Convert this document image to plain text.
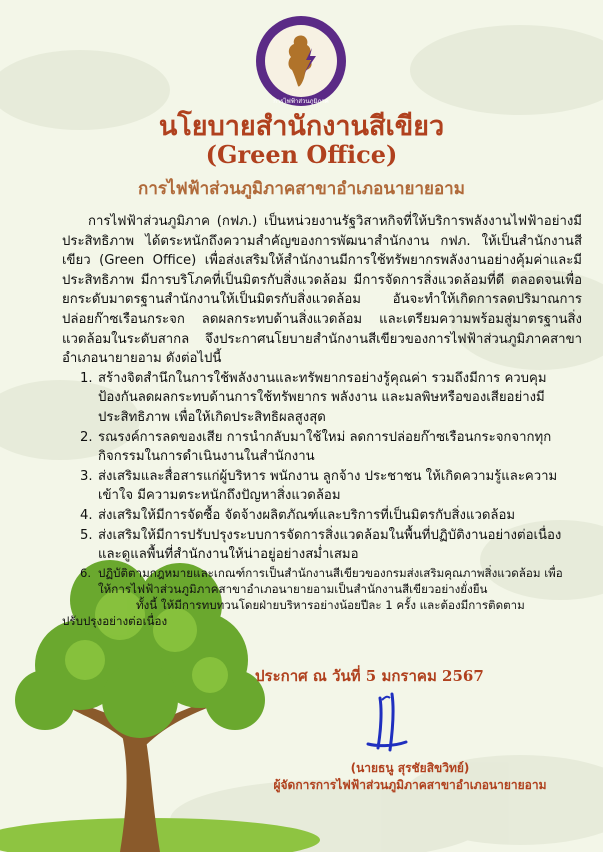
การไฟฟ้าส่วนภูมิภาค
นโยบายสำนักงานสีเขียว
(Green Office)
การไฟฟ้าส่วนภูมิภาคสาขาอำเภอนายายอาม

การไฟฟ้าส่วนภูมิภาค (กฟภ.) เป็นหน่วยงานรัฐวิสาหกิจที่ให้บริการพลังงานไฟฟ้าอย่างมีประสิทธิภาพ ได้ตระหนักถึงความสำคัญของการพัฒนาสำนักงาน กฟภ. ให้เป็นสำนักงานสีเขียว (Green Office) เพื่อส่งเสริมให้สำนักงานมีการใช้ทรัพยากรพลังงานอย่างคุ้มค่าและมีประสิทธิภาพ มีการบริโภคที่เป็นมิตรกับสิ่งแวดล้อม มีการจัดการสิ่งแวดล้อมที่ดี ตลอดจนเพื่อยกระดับมาตรฐานสำนักงานให้เป็นมิตรกับสิ่งแวดล้อม อันจะทำให้เกิดการลดปริมาณการปล่อยก๊าซเรือนกระจก ลดผลกระทบด้านสิ่งแวดล้อม และเตรียมความพร้อมสู่มาตรฐานสิ่งแวดล้อมในระดับสากล จึงประกาศนโยบายสำนักงานสีเขียวของการไฟฟ้าส่วนภูมิภาคสาขาอำเภอนายายอาม ดังต่อไปนี้

1. สร้างจิตสำนึกในการใช้พลังงานและทรัพยากรอย่างรู้คุณค่า รวมถึงมีการ ควบคุมป้องกันลดผลกระทบด้านการใช้ทรัพยากร พลังงาน และมลพิษหรือของเสียอย่างมีประสิทธิภาพ เพื่อให้เกิดประสิทธิผลสูงสุด
2. รณรงค์การลดของเสีย การนำกลับมาใช้ใหม่ ลดการปล่อยก๊าซเรือนกระจกจากทุกกิจกรรมในการดำเนินงานในสำนักงาน
3. ส่งเสริมและสื่อสารแก่ผู้บริหาร พนักงาน ลูกจ้าง ประชาชน ให้เกิดความรู้และความเข้าใจ มีความตระหนักถึงปัญหาสิ่งแวดล้อม
4. ส่งเสริมให้มีการจัดซื้อ จัดจ้างผลิตภัณฑ์และบริการที่เป็นมิตรกับสิ่งแวดล้อม
5. ส่งเสริมให้มีการปรับปรุงระบบการจัดการสิ่งแวดล้อมในพื้นที่ปฏิบัติงานอย่างต่อเนื่องและดูแลพื้นที่สำนักงานให้น่าอยู่อย่างสม่ำเสมอ
6. ปฏิบัติตามกฎหมายและเกณฑ์การเป็นสำนักงานสีเขียวของกรมส่งเสริมคุณภาพสิ่งแวดล้อม เพื่อให้การไฟฟ้าส่วนภูมิภาคสาขาอำเภอนายายอามเป็นสำนักงานสีเขียวอย่างยั่งยืน

ทั้งนี้ ให้มีการทบทวนโดยฝ่ายบริหารอย่างน้อยปีละ 1 ครั้ง และต้องมีการติดตาม

ปรับปรุงอย่างต่อเนื่อง

ประกาศ ณ วันที่ 5 มกราคม 2567
(นายธนู สุรชัยสิขวิทย์)
ผู้จัดการการไฟฟ้าส่วนภูมิภาคสาขาอำเภอนายายอาม
